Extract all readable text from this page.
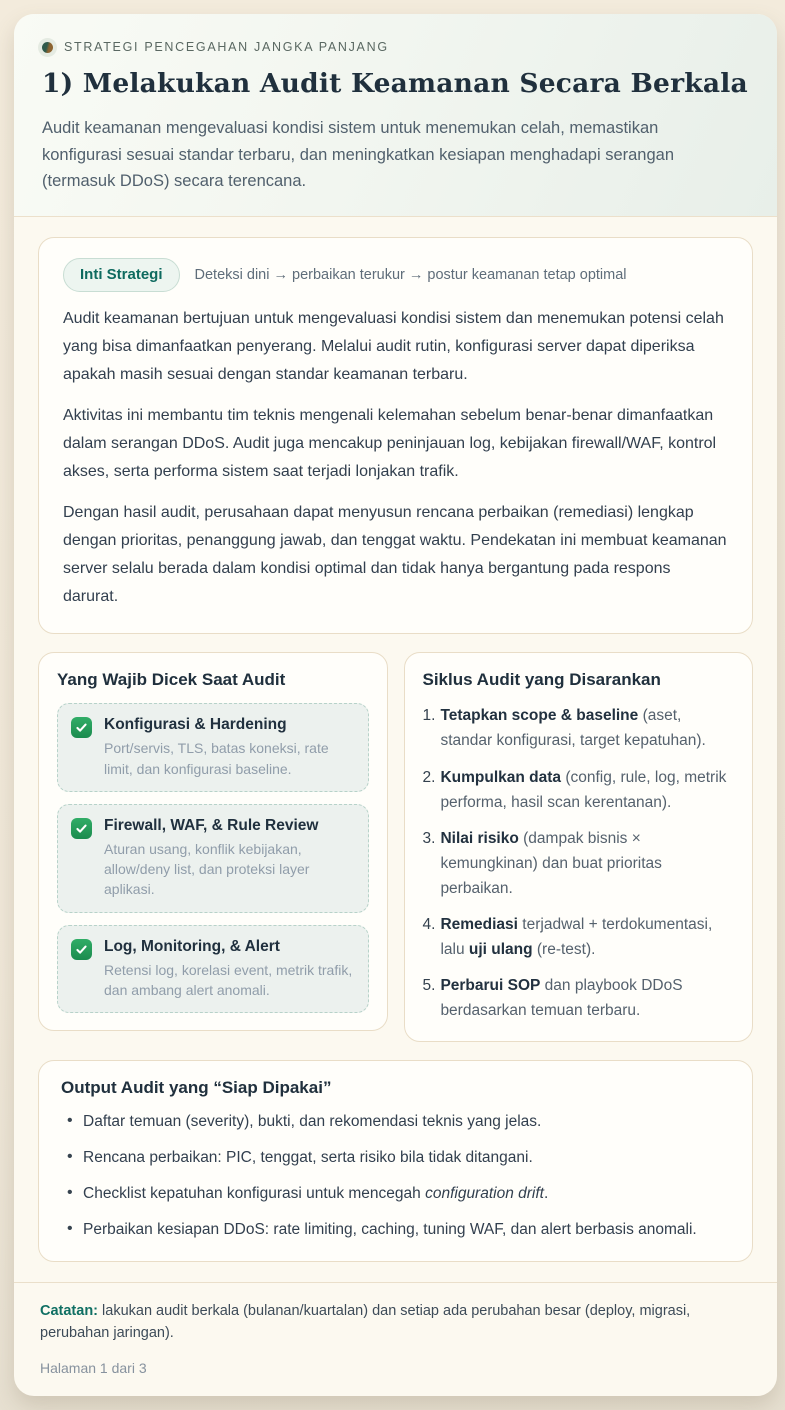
STRATEGI PENCEGAHAN JANGKA PANJANG
1) Melakukan Audit Keamanan Secara Berkala

Audit keamanan mengevaluasi kondisi sistem untuk menemukan celah, memastikan konfigurasi sesuai standar terbaru, dan meningkatkan kesiapan menghadapi serangan (termasuk DDoS) secara terencana.

Inti Strategi	Deteksi dini → perbaikan terukur → postur keamanan tetap optimal

Audit keamanan bertujuan untuk mengevaluasi kondisi sistem dan menemukan potensi celah yang bisa dimanfaatkan penyerang. Melalui audit rutin, konfigurasi server dapat diperiksa apakah masih sesuai dengan standar keamanan terbaru.

Aktivitas ini membantu tim teknis mengenali kelemahan sebelum benar-benar dimanfaatkan dalam serangan DDoS. Audit juga mencakup peninjauan log, kebijakan firewall/WAF, kontrol akses, serta performa sistem saat terjadi lonjakan trafik.

Dengan hasil audit, perusahaan dapat menyusun rencana perbaikan (remediasi) lengkap dengan prioritas, penanggung jawab, dan tenggat waktu. Pendekatan ini membuat keamanan server selalu berada dalam kondisi optimal dan tidak hanya bergantung pada respons darurat.

Yang Wajib Dicek Saat Audit
Konfigurasi & Hardening
Port/servis, TLS, batas koneksi, rate limit, dan konfigurasi baseline.
Firewall, WAF, & Rule Review
Aturan usang, konflik kebijakan, allow/deny list, dan proteksi layer aplikasi.
Log, Monitoring, & Alert
Retensi log, korelasi event, metrik trafik, dan ambang alert anomali.
Siklus Audit yang Disarankan
1. Tetapkan scope & baseline (aset, standar konfigurasi, target kepatuhan).
2. Kumpulkan data (config, rule, log, metrik performa, hasil scan kerentanan).
3. Nilai risiko (dampak bisnis × kemungkinan) dan buat prioritas perbaikan.
4. Remediasi terjadwal + terdokumentasi, lalu uji ulang (re-test).
5. Perbarui SOP dan playbook DDoS berdasarkan temuan terbaru.
Output Audit yang “Siap Dipakai”
• Daftar temuan (severity), bukti, dan rekomendasi teknis yang jelas.
• Rencana perbaikan: PIC, tenggat, serta risiko bila tidak ditangani.
• Checklist kepatuhan konfigurasi untuk mencegah configuration drift.
• Perbaikan kesiapan DDoS: rate limiting, caching, tuning WAF, dan alert berbasis anomali.

Catatan: lakukan audit berkala (bulanan/kuartalan) dan setiap ada perubahan besar (deploy, migrasi, perubahan jaringan).

Halaman 1 dari 3
